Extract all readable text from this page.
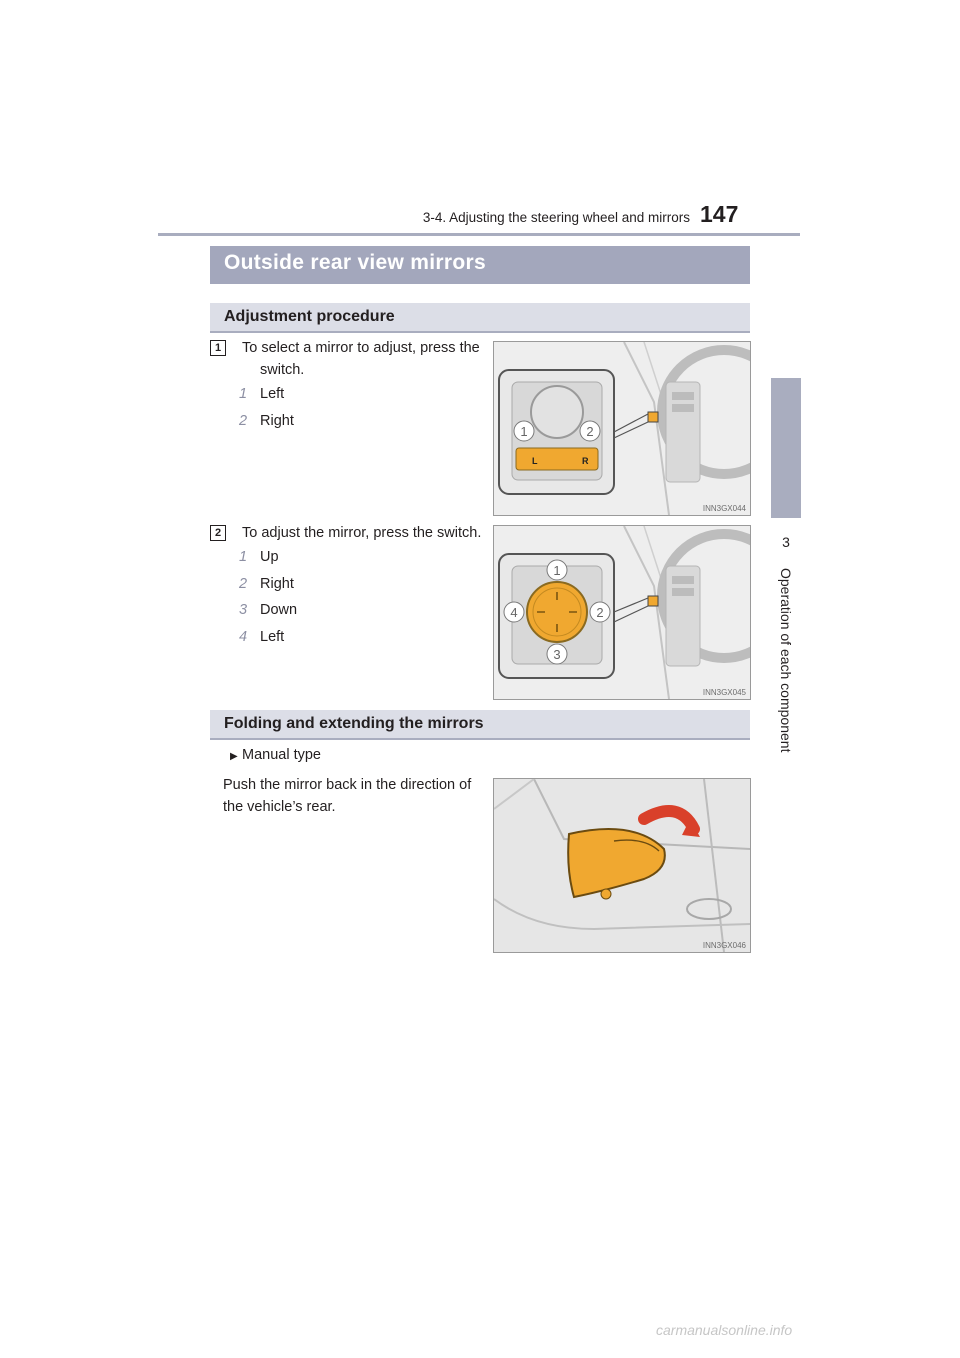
3-4. Adjusting the steering wheel and mirrors 147
3
Operation of each component
Outside rear view mirrors
Adjustment procedure
1	To select a mirror to adjust, press the
switch.
1 Left
2 Right
L	R
1	2
INN3GX044
2	To adjust the mirror, press the switch.
1 Up
2 Right
3 Down
4 Left
1
2
3
4
INN3GX045
Folding and extending the mirrors
▶ Manual type
Push the mirror back in the direction of
the vehicle’s rear.
INN3GX046
carmanualsonline.info
